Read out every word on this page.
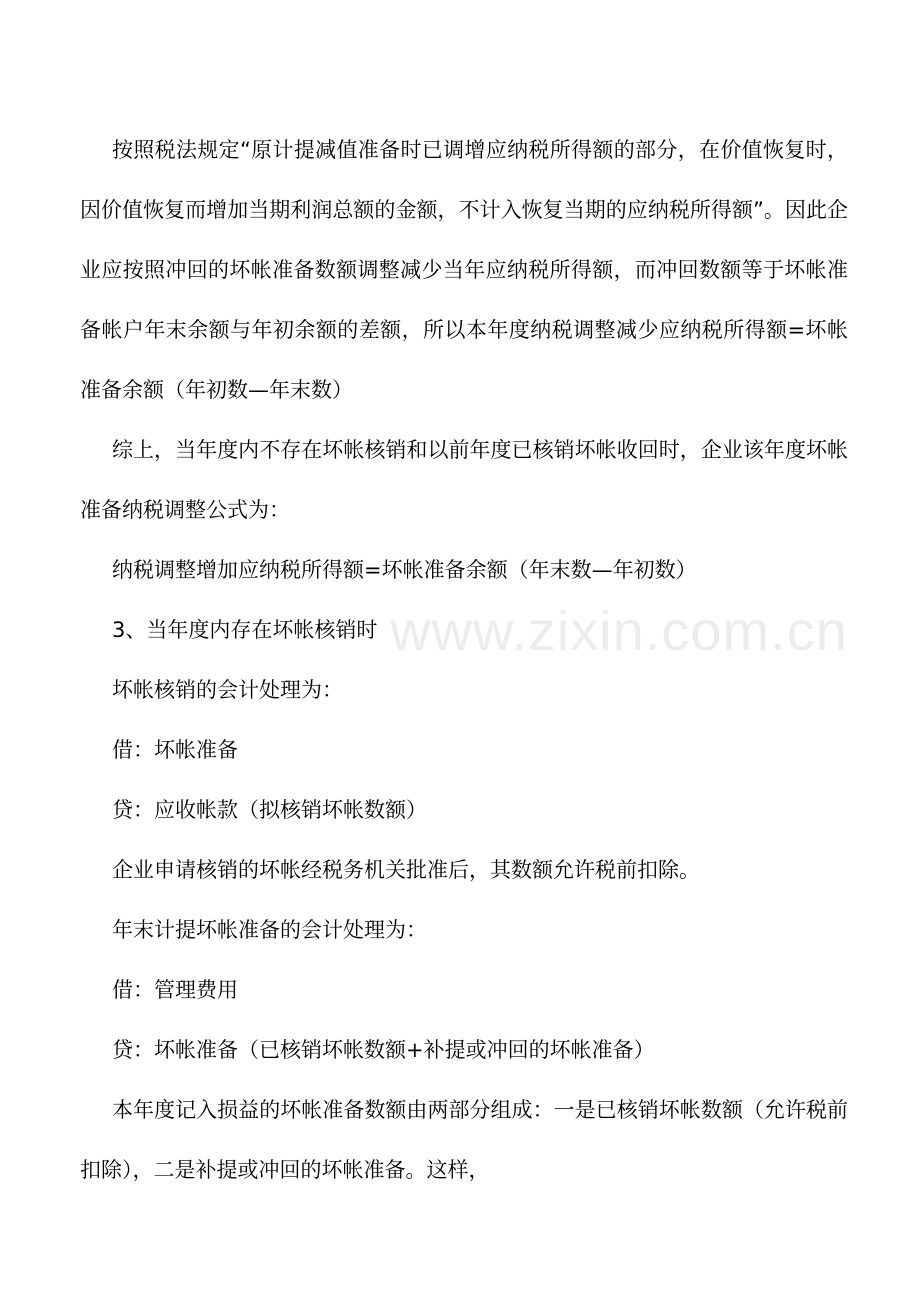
按照税法规定“原计提减值准备时已调增应纳税所得额的部分，在价值恢复时，因价值恢复而增加当期利润总额的金额，不计入恢复当期的应纳税所得额”。因此企业应按照冲回的坏帐准备数额调整减少当年应纳税所得额，而冲回数额等于坏帐准备帐户年末余额与年初余额的差额，所以本年度纳税调整减少应纳税所得额=坏帐准备余额（年初数—年末数）

综上，当年度内不存在坏帐核销和以前年度已核销坏帐收回时，企业该年度坏帐准备纳税调整公式为：

纳税调整增加应纳税所得额=坏帐准备余额（年末数—年初数）

3、当年度内存在坏帐核销时

坏帐核销的会计处理为：

借：坏帐准备

贷：应收帐款（拟核销坏帐数额）

企业申请核销的坏帐经税务机关批准后，其数额允许税前扣除。

年末计提坏帐准备的会计处理为：

借：管理费用

贷：坏帐准备（已核销坏帐数额+补提或冲回的坏帐准备）

本年度记入损益的坏帐准备数额由两部分组成：一是已核销坏帐数额（允许税前扣除），二是补提或冲回的坏帐准备。这样，

www.zixin.com.cn
